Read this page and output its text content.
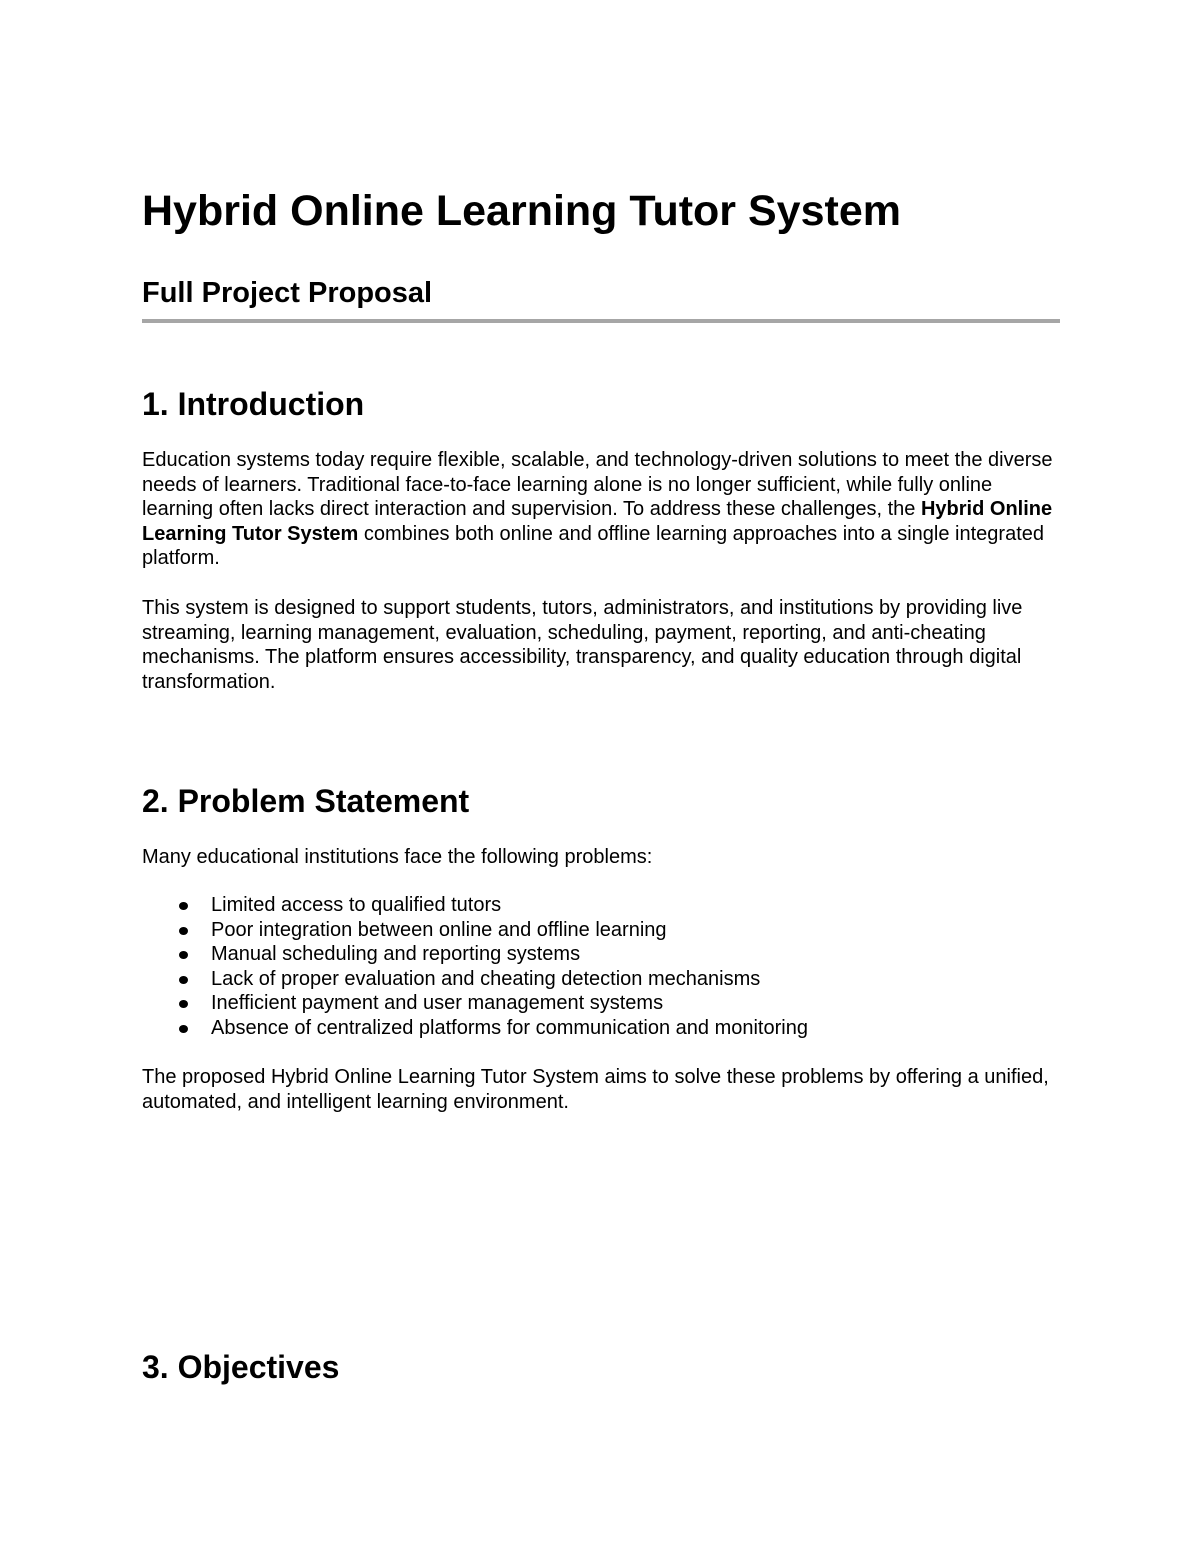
Hybrid Online Learning Tutor System
Full Project Proposal
1. Introduction

Education systems today require flexible, scalable, and technology-driven solutions to meet the diverse needs of learners. Traditional face-to-face learning alone is no longer sufficient, while fully online learning often lacks direct interaction and supervision. To address these challenges, the Hybrid Online Learning Tutor System combines both online and offline learning approaches into a single integrated platform.

This system is designed to support students, tutors, administrators, and institutions by providing live streaming, learning management, evaluation, scheduling, payment, reporting, and anti-cheating mechanisms. The platform ensures accessibility, transparency, and quality education through digital transformation.

2. Problem Statement

Many educational institutions face the following problems:

Limited access to qualified tutors
Poor integration between online and offline learning
Manual scheduling and reporting systems
Lack of proper evaluation and cheating detection mechanisms
Inefficient payment and user management systems
Absence of centralized platforms for communication and monitoring

The proposed Hybrid Online Learning Tutor System aims to solve these problems by offering a unified, automated, and intelligent learning environment.

3. Objectives
